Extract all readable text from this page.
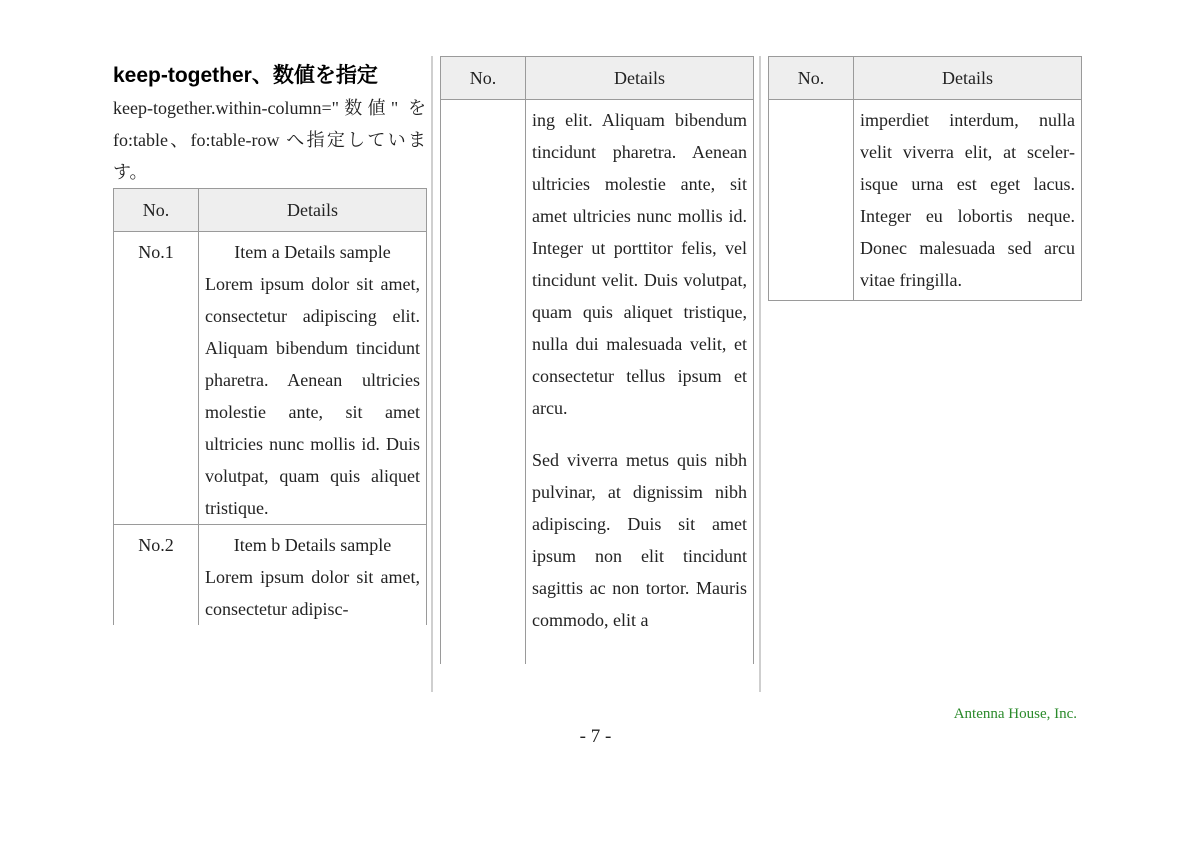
keep-together、数値を指定

keep-together.within-column="数値" を fo:table、fo:table-row へ指定しています。

No.	Details
No.1	Item a Details sample

Lorem ipsum dolor sit amet, consectetur adipiscing elit. Aliquam bibendum tincidunt pharetra. Aenean ultricies molestie ante, sit amet ultricies nunc mollis id. Duis volutpat, quam quis aliquet tristique.

No.2	Item b Details sample

Lorem ipsum dolor sit amet, consectetur adipisc-

No.	Details

	ing elit. Aliquam bibendum tincidunt pharetra. Aenean ultricies molestie ante, sit amet ultricies nunc mollis id. Integer ut porttitor felis, vel tincidunt velit. Duis volutpat, quam quis aliquet tristique, nulla dui malesuada velit, et consectetur tellus ipsum et arcu.

Sed viverra metus quis nibh pulvinar, at dignissim nibh adipiscing. Duis sit amet ipsum non elit tincidunt sagittis ac non tortor. Mauris commodo, elit a

No.	Details

	imperdiet interdum, nulla velit viverra elit, at scelerisque urna est eget lacus. Integer eu lobortis neque. Donec malesuada sed arcu vitae fringilla.

Antenna House, Inc.
- 7 -
